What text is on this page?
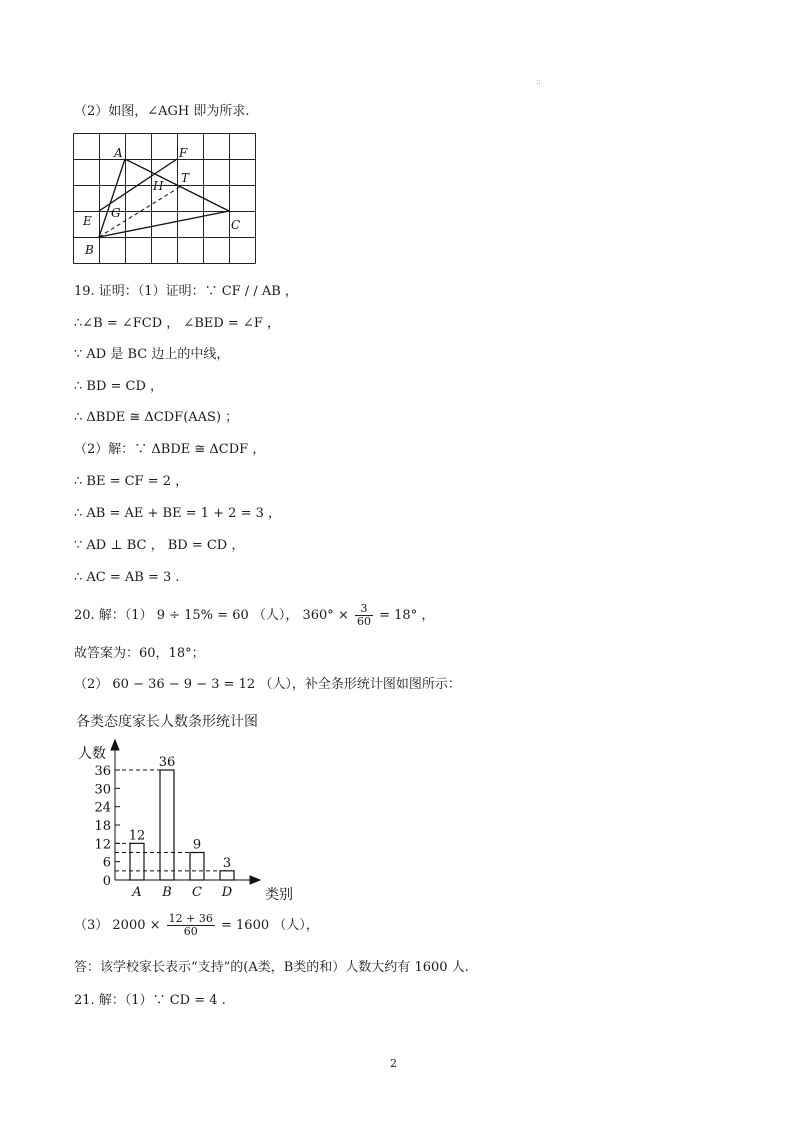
::
（2）如图，∠AGH 即为所求.
A	F
T
H
G
E	C
B
19. 证明：（1）证明：∵ CF / / AB ，
∴∠B = ∠FCD ， ∠BED = ∠F ，
∵ AD 是 BC 边上的中线，
∴ BD = CD ，
∴ ΔBDE ≅ ΔCDF(AAS) ；
（2）解：∵ ΔBDE ≅ ΔCDF ，
∴ BE = CF = 2 ，
∴ AB = AE + BE = 1 + 2 = 3 ，
∵ AD ⊥ BC ， BD = CD ，
∴ AC = AB = 3 .
20. 解：（1） 9 ÷ 15% = 60 （人）， $360^\circ \times \frac{3}{60} = 18^\circ$ ，
故答案为：60，18°；
（2） 60 − 36 − 9 − 3 = 12 （人），补全条形统计图如图所示：
各类态度家长人数条形统计图
人数
类别
0
6
12
18
24
30
36
12
A
36
B
9
C
3
D
（3） $2000 \times \frac{12 + 36}{60} = 1600$ （人），
答：该学校家长表示“支持”的(A类，B类的和）人数大约有 1600 人.
21. 解：（1）∵ CD = 4 .
2
